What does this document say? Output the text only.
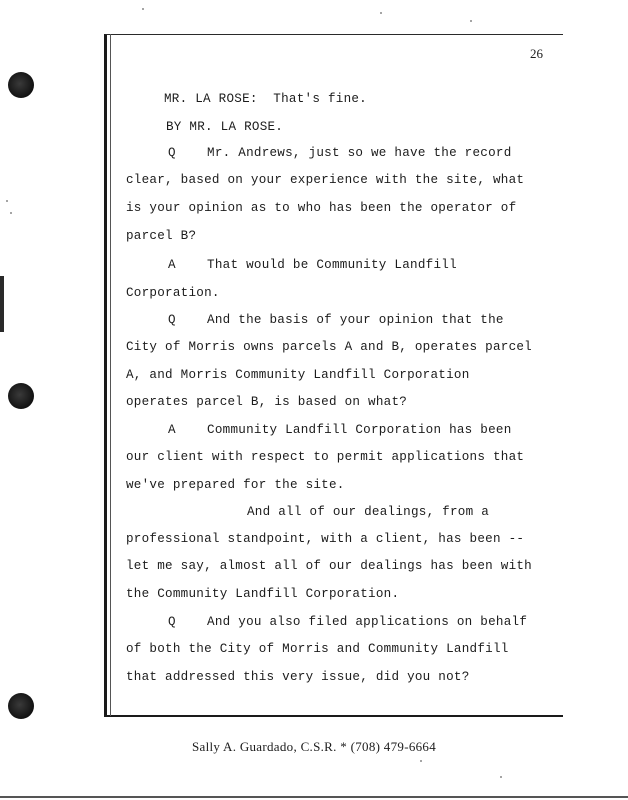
26
MR. LA ROSE:  That's fine.
BY MR. LA ROSE.
Q    Mr. Andrews, just so we have the record
clear, based on your experience with the site, what
is your opinion as to who has been the operator of
parcel B?
A    That would be Community Landfill
Corporation.
Q    And the basis of your opinion that the
City of Morris owns parcels A and B, operates parcel
A, and Morris Community Landfill Corporation
operates parcel B, is based on what?
A    Community Landfill Corporation has been
our client with respect to permit applications that
we've prepared for the site.
And all of our dealings, from a
professional standpoint, with a client, has been --
let me say, almost all of our dealings has been with
the Community Landfill Corporation.
Q    And you also filed applications on behalf
of both the City of Morris and Community Landfill
that addressed this very issue, did you not?
Sally A. Guardado, C.S.R. * (708) 479-6664
